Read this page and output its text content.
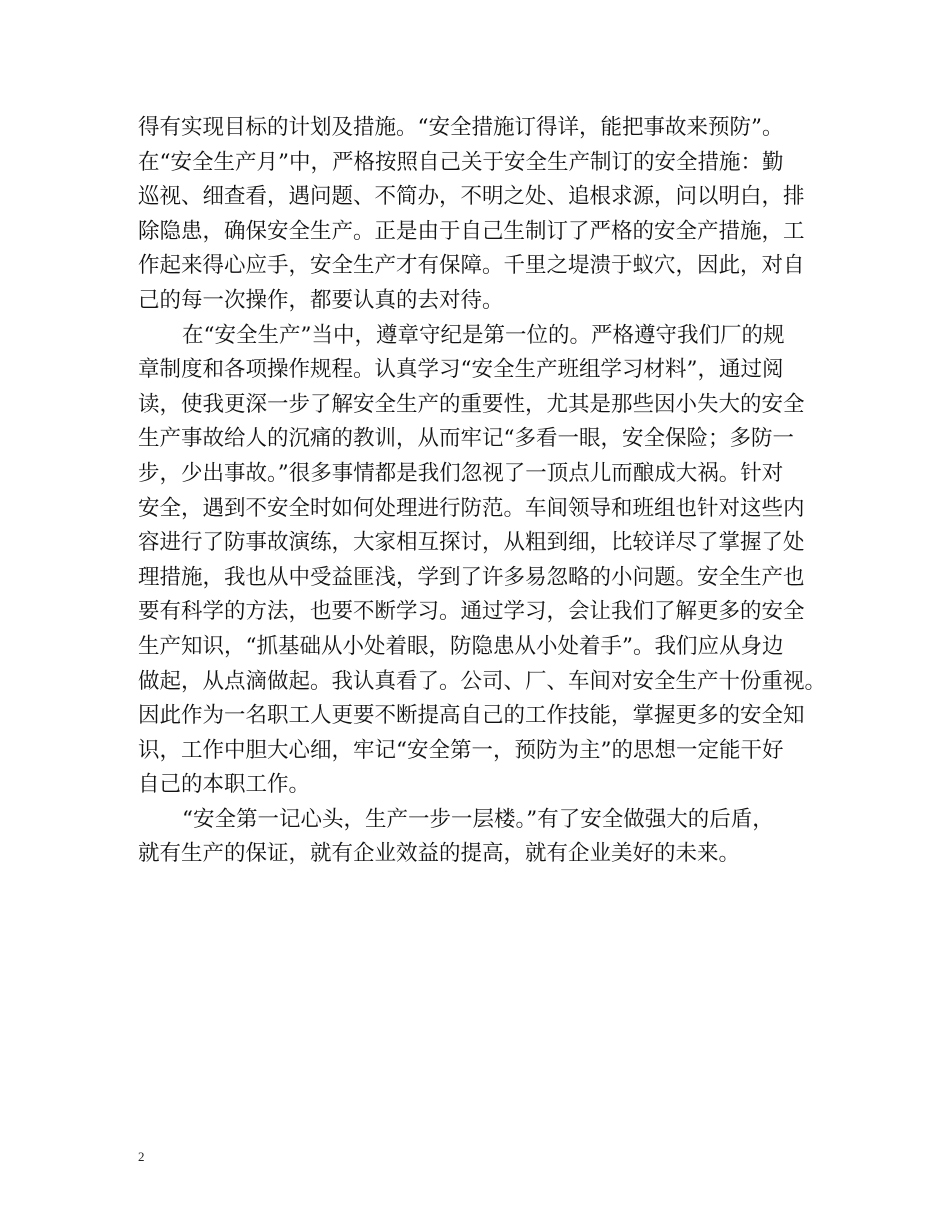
得有实现目标的计划及措施。“安全措施订得详，能把事故来预防”。
在“安全生产月”中，严格按照自己关于安全生产制订的安全措施：勤
巡视、细查看，遇问题、不简办，不明之处、追根求源，问以明白，排
除隐患，确保安全生产。正是由于自己生制订了严格的安全产措施，工
作起来得心应手，安全生产才有保障。千里之堤溃于蚁穴，因此，对自
己的每一次操作，都要认真的去对待。
在“安全生产”当中，遵章守纪是第一位的。严格遵守我们厂的规
章制度和各项操作规程。认真学习“安全生产班组学习材料”，通过阅
读，使我更深一步了解安全生产的重要性，尤其是那些因小失大的安全
生产事故给人的沉痛的教训，从而牢记“多看一眼，安全保险；多防一
步，少出事故。”很多事情都是我们忽视了一顶点儿而酿成大祸。针对
安全，遇到不安全时如何处理进行防范。车间领导和班组也针对这些内
容进行了防事故演练，大家相互探讨，从粗到细，比较详尽了掌握了处
理措施，我也从中受益匪浅，学到了许多易忽略的小问题。安全生产也
要有科学的方法，也要不断学习。通过学习，会让我们了解更多的安全
生产知识，“抓基础从小处着眼，防隐患从小处着手”。我们应从身边
做起，从点滴做起。我认真看了。公司、厂、车间对安全生产十份重视。
因此作为一名职工人更要不断提高自己的工作技能，掌握更多的安全知
识，工作中胆大心细，牢记“安全第一，预防为主”的思想一定能干好
自己的本职工作。
“安全第一记心头，生产一步一层楼。”有了安全做强大的后盾，
就有生产的保证，就有企业效益的提高，就有企业美好的未来。
2
